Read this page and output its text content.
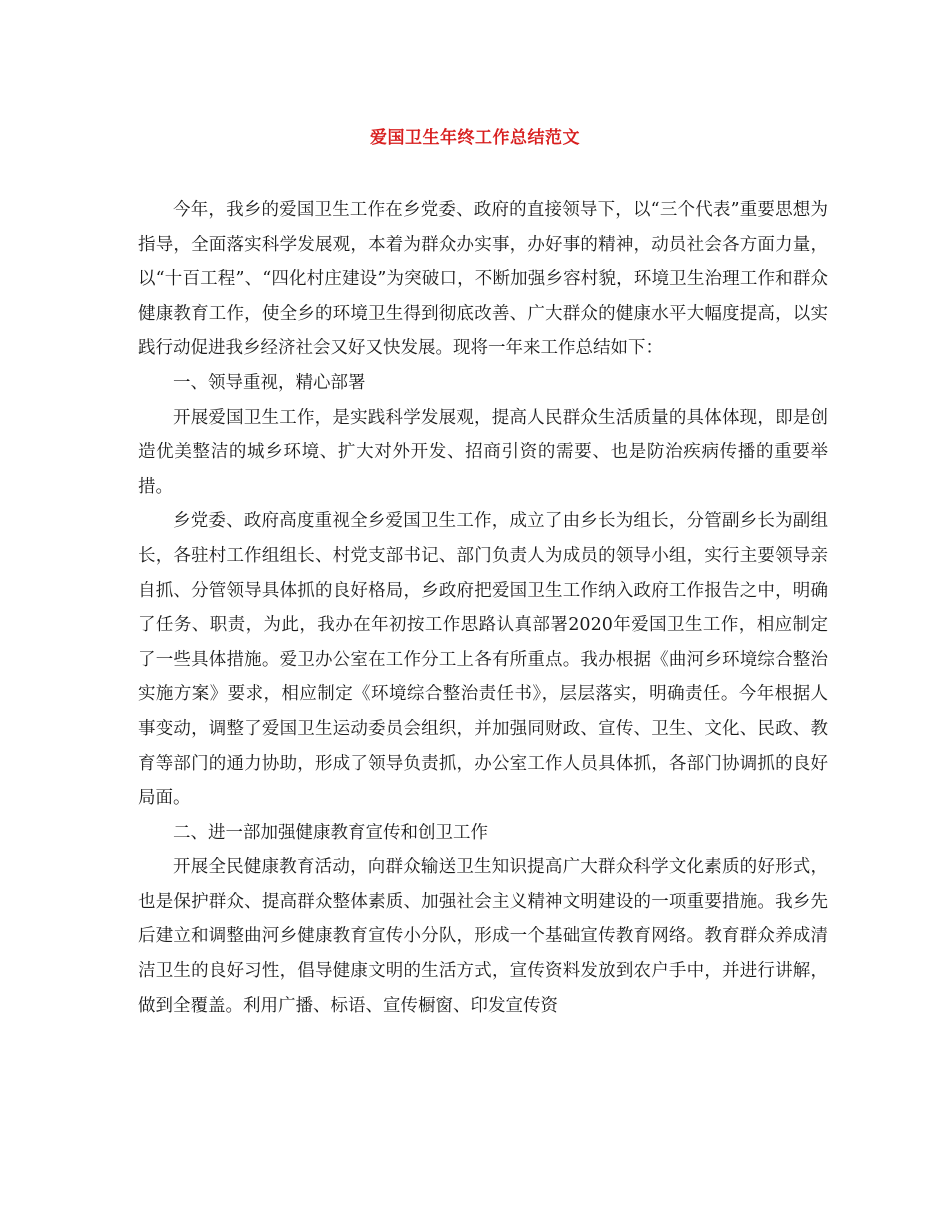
爱国卫生年终工作总结范文

今年，我乡的爱国卫生工作在乡党委、政府的直接领导下，以“三个代表”重要思想为指导，全面落实科学发展观，本着为群众办实事，办好事的精神，动员社会各方面力量，以“十百工程”、“四化村庄建设”为突破口，不断加强乡容村貌，环境卫生治理工作和群众健康教育工作，使全乡的环境卫生得到彻底改善、广大群众的健康水平大幅度提高，以实践行动促进我乡经济社会又好又快发展。现将一年来工作总结如下：

一、领导重视，精心部署

开展爱国卫生工作，是实践科学发展观，提高人民群众生活质量的具体体现，即是创造优美整洁的城乡环境、扩大对外开发、招商引资的需要、也是防治疾病传播的重要举措。

乡党委、政府高度重视全乡爱国卫生工作，成立了由乡长为组长，分管副乡长为副组长，各驻村工作组组长、村党支部书记、部门负责人为成员的领导小组，实行主要领导亲自抓、分管领导具体抓的良好格局，乡政府把爱国卫生工作纳入政府工作报告之中，明确了任务、职责，为此，我办在年初按工作思路认真部署2020年爱国卫生工作，相应制定了一些具体措施。爱卫办公室在工作分工上各有所重点。我办根据《曲河乡环境综合整治实施方案》要求，相应制定《环境综合整治责任书》，层层落实，明确责任。今年根据人事变动，调整了爱国卫生运动委员会组织，并加强同财政、宣传、卫生、文化、民政、教育等部门的通力协助，形成了领导负责抓，办公室工作人员具体抓，各部门协调抓的良好局面。

二、进一部加强健康教育宣传和创卫工作

开展全民健康教育活动，向群众输送卫生知识提高广大群众科学文化素质的好形式，也是保护群众、提高群众整体素质、加强社会主义精神文明建设的一项重要措施。我乡先后建立和调整曲河乡健康教育宣传小分队，形成一个基础宣传教育网络。教育群众养成清洁卫生的良好习性，倡导健康文明的生活方式，宣传资料发放到农户手中，并进行讲解，做到全覆盖。利用广播、标语、宣传橱窗、印发宣传资
